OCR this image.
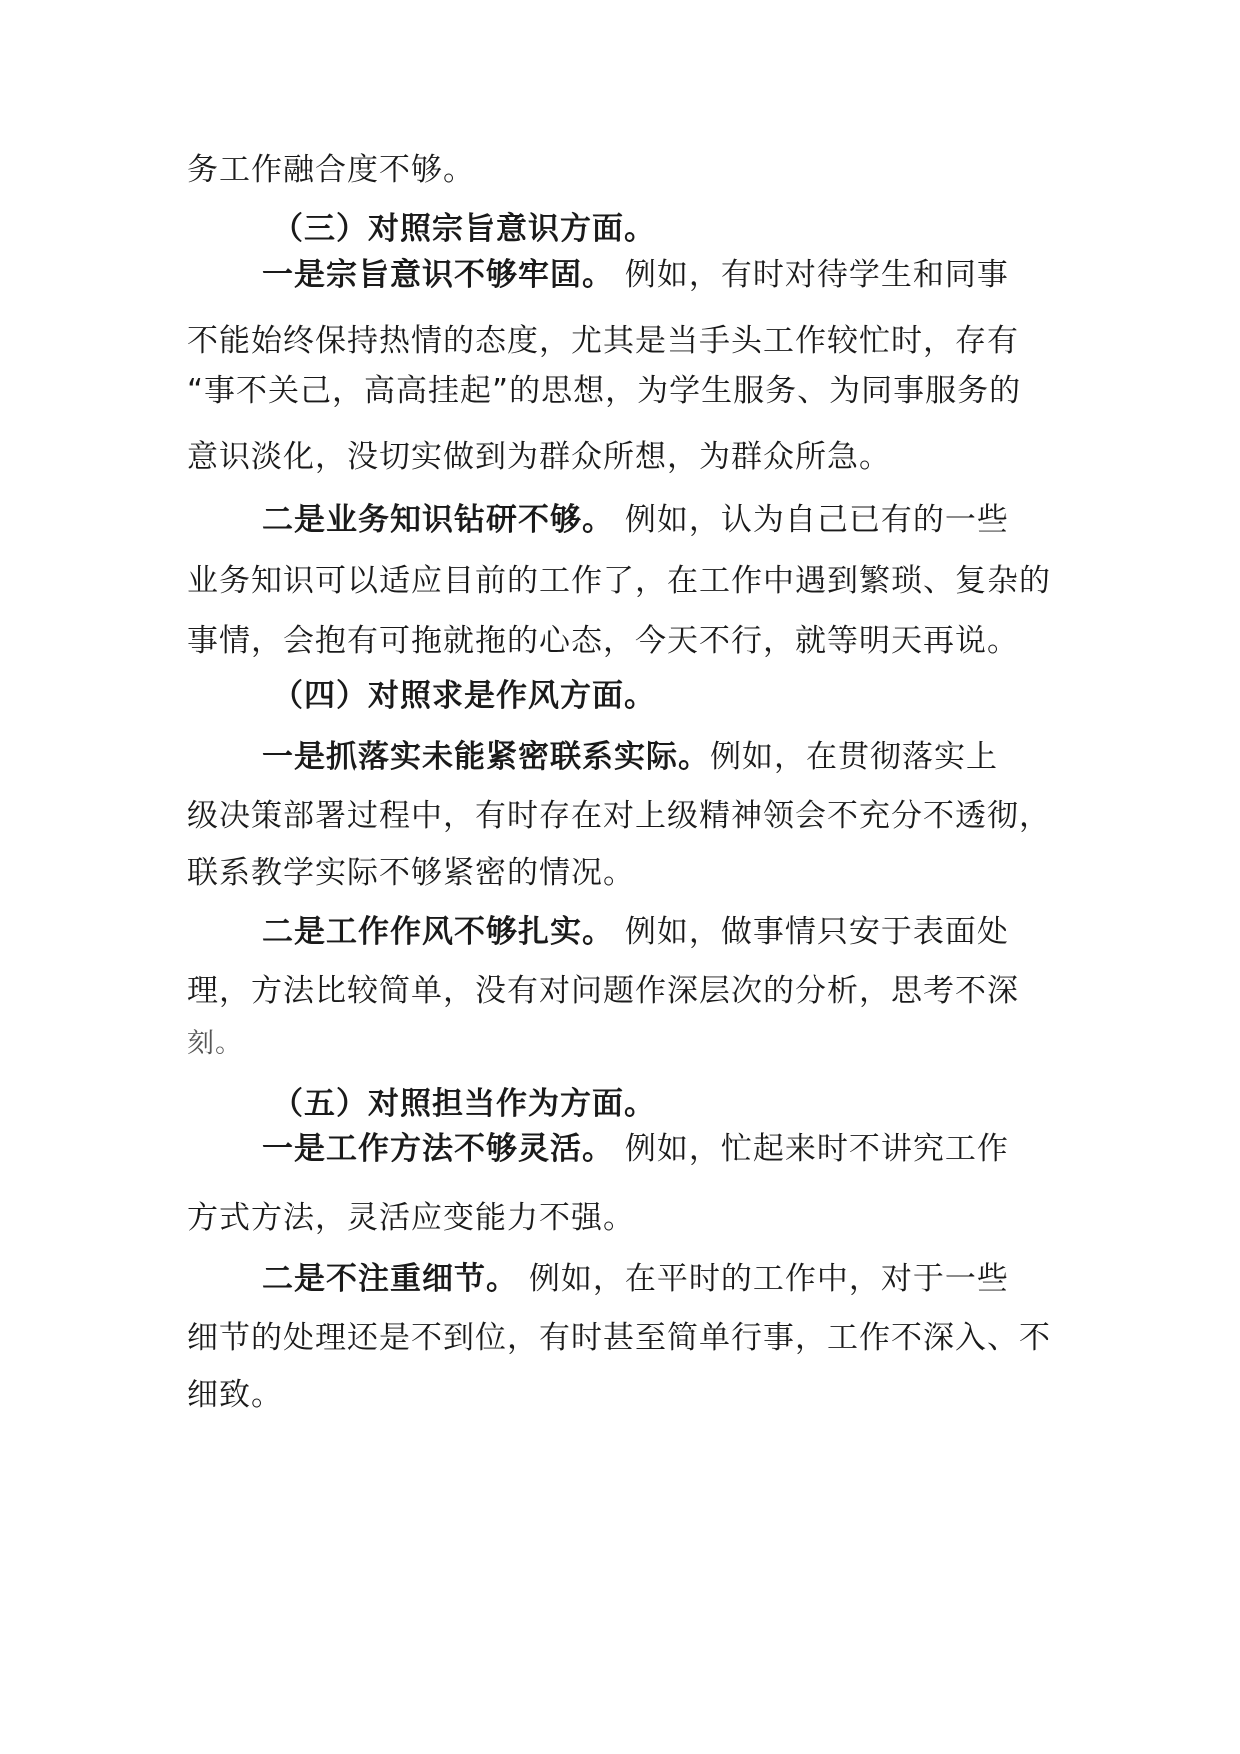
务工作融合度不够。
（三）对照宗旨意识方面。
一是宗旨意识不够牢固。 例如，有时对待学生和同事
不能始终保持热情的态度，尤其是当手头工作较忙时，存有
“事不关己，高高挂起”的思想，为学生服务、为同事服务的
意识淡化，没切实做到为群众所想，为群众所急。
二是业务知识钻研不够。 例如，认为自己已有的一些
业务知识可以适应目前的工作了，在工作中遇到繁琐、复杂的
事情，会抱有可拖就拖的心态，今天不行，就等明天再说。
（四）对照求是作风方面。
一是抓落实未能紧密联系实际。例如，在贯彻落实上
级决策部署过程中，有时存在对上级精神领会不充分不透彻，
联系教学实际不够紧密的情况。
二是工作作风不够扎实。 例如，做事情只安于表面处
理，方法比较简单，没有对问题作深层次的分析，思考不深
刻。
（五）对照担当作为方面。
一是工作方法不够灵活。 例如，忙起来时不讲究工作
方式方法，灵活应变能力不强。
二是不注重细节。 例如，在平时的工作中，对于一些
细节的处理还是不到位，有时甚至简单行事，工作不深入、不
细致。
